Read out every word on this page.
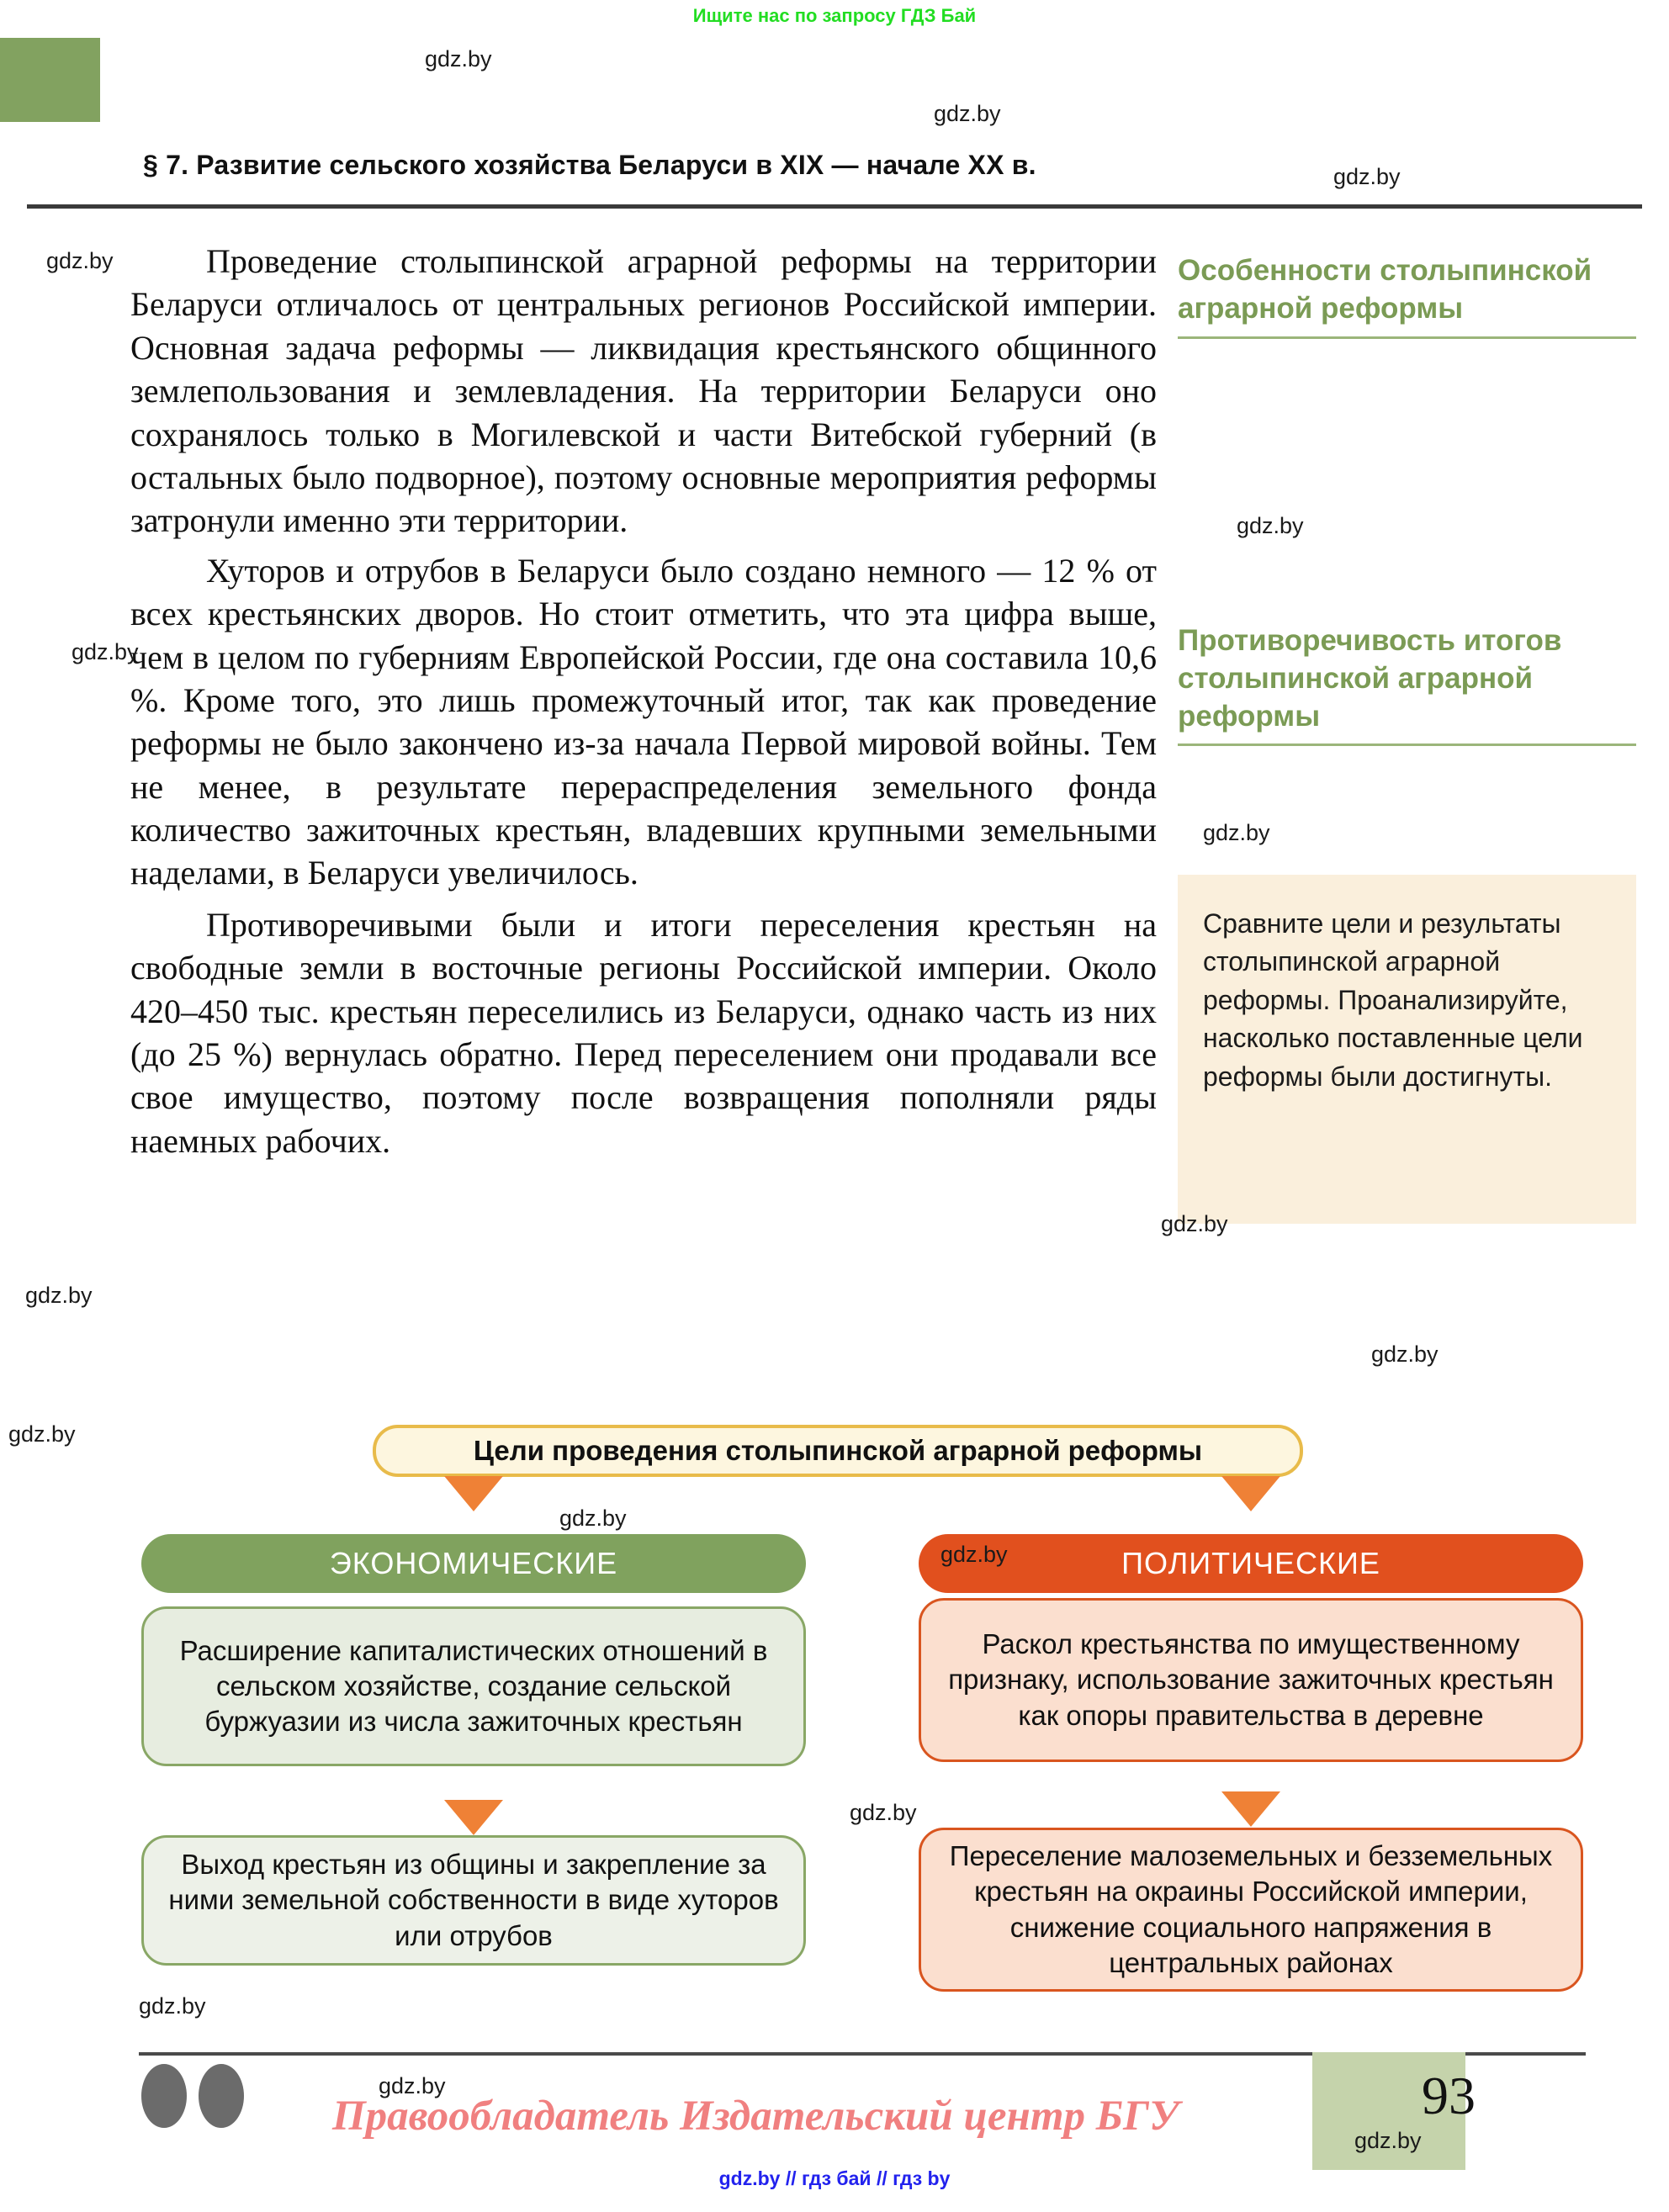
Ищите нас по запросу ГДЗ Бай
§ 7. Развитие сельского хозяйства Беларуси в XIX — начале XX в.

Проведение столыпинской аграрной реформы на территории Беларуси отличалось от центральных регионов Российской империи. Основная задача реформы — ликвидация крестьянского общинного землепользования и землевладения. На территории Беларуси оно сохранялось только в Могилевской и части Витебской губерний (в остальных было подворное), поэтому основные мероприятия реформы затронули именно эти территории.

Хуторов и отрубов в Беларуси было создано немного — 12 % от всех крестьянских дворов. Но стоит отметить, что эта цифра выше, чем в целом по губерниям Европейской России, где она составила 10,6 %. Кроме того, это лишь промежуточный итог, так как проведение реформы не было закончено из-за начала Первой мировой войны. Тем не менее, в результате перераспределения земельного фонда количество зажиточных крестьян, владевших крупными земельными наделами, в Беларуси увеличилось.

Противоречивыми были и итоги переселения крестьян на свободные земли в восточные регионы Российской империи. Около 420–450 тыс. крестьян переселились из Беларуси, однако часть из них (до 25 %) вернулась обратно. Перед переселением они продавали все свое имущество, поэтому после возвращения пополняли ряды наемных рабочих.

Особенности столыпинской аграрной реформы
Противоречивость итогов столыпинской аграрной реформы
Сравните цели и результаты столыпинской аграрной реформы. Проанализируйте, насколько поставленные цели реформы были достигнуты.
Цели проведения столыпинской аграрной реформы
ЭКОНОМИЧЕСКИЕ	ПОЛИТИЧЕСКИЕ
Расширение капиталистических отношений в сельском хозяйстве, создание сельской буржуазии из числа зажиточных крестьян
Выход крестьян из общины и закрепление за ними земельной собственности в виде хуторов или отрубов
Раскол крестьянства по имущественному признаку, использование зажиточных крестьян как опоры правительства в деревне
Переселение малоземельных и безземельных крестьян на окраины Российской империи, снижение социального напряжения в центральных районах
93
Правообладатель Издательский центр БГУ
gdz.by // гдз бай // гдз by
gdz.by
gdz.by
gdz.by
gdz.by
gdz.by
gdz.by
gdz.by
gdz.by
gdz.by
gdz.by
gdz.by
gdz.by
gdz.by
gdz.by
gdz.by
gdz.by
gdz.by
